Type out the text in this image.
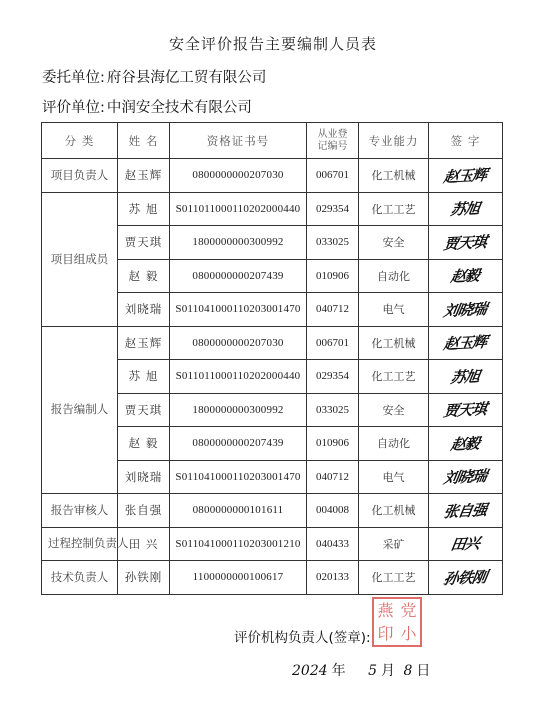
安全评价报告主要编制人员表
委托单位: 府谷县海亿工贸有限公司
评价单位: 中润安全技术有限公司
分 类	姓 名	资格证书号	从业登记编号	专业能力	签 字
项目负责人	赵玉辉	0800000000207030	006701	化工机械	赵玉辉
项目组成员	苏 旭	S011011000110202000440	029354	化工工艺	苏旭
	贾天琪	1800000000300992	033025	安全	贾天琪
	赵 毅	0800000000207439	010906	自动化	赵毅
	刘晓瑞	S011041000110203001470	040712	电气	刘晓瑞
报告编制人	赵玉辉	0800000000207030	006701	化工机械	赵玉辉
	苏 旭	S011011000110202000440	029354	化工工艺	苏旭
	贾天琪	1800000000300992	033025	安全	贾天琪
	赵 毅	0800000000207439	010906	自动化	赵毅
	刘晓瑞	S011041000110203001470	040712	电气	刘晓瑞
报告审核人	张自强	0800000000101611	004008	化工机械	张自强
过程控制负责人	田 兴	S011041000110203001210	040433	采矿	田兴
技术负责人	孙铁刚	1100000000100617	020133	化工工艺	孙铁刚
评价机构负责人(签章):
燕 党
印 小
2024 年 5 月 8 日
